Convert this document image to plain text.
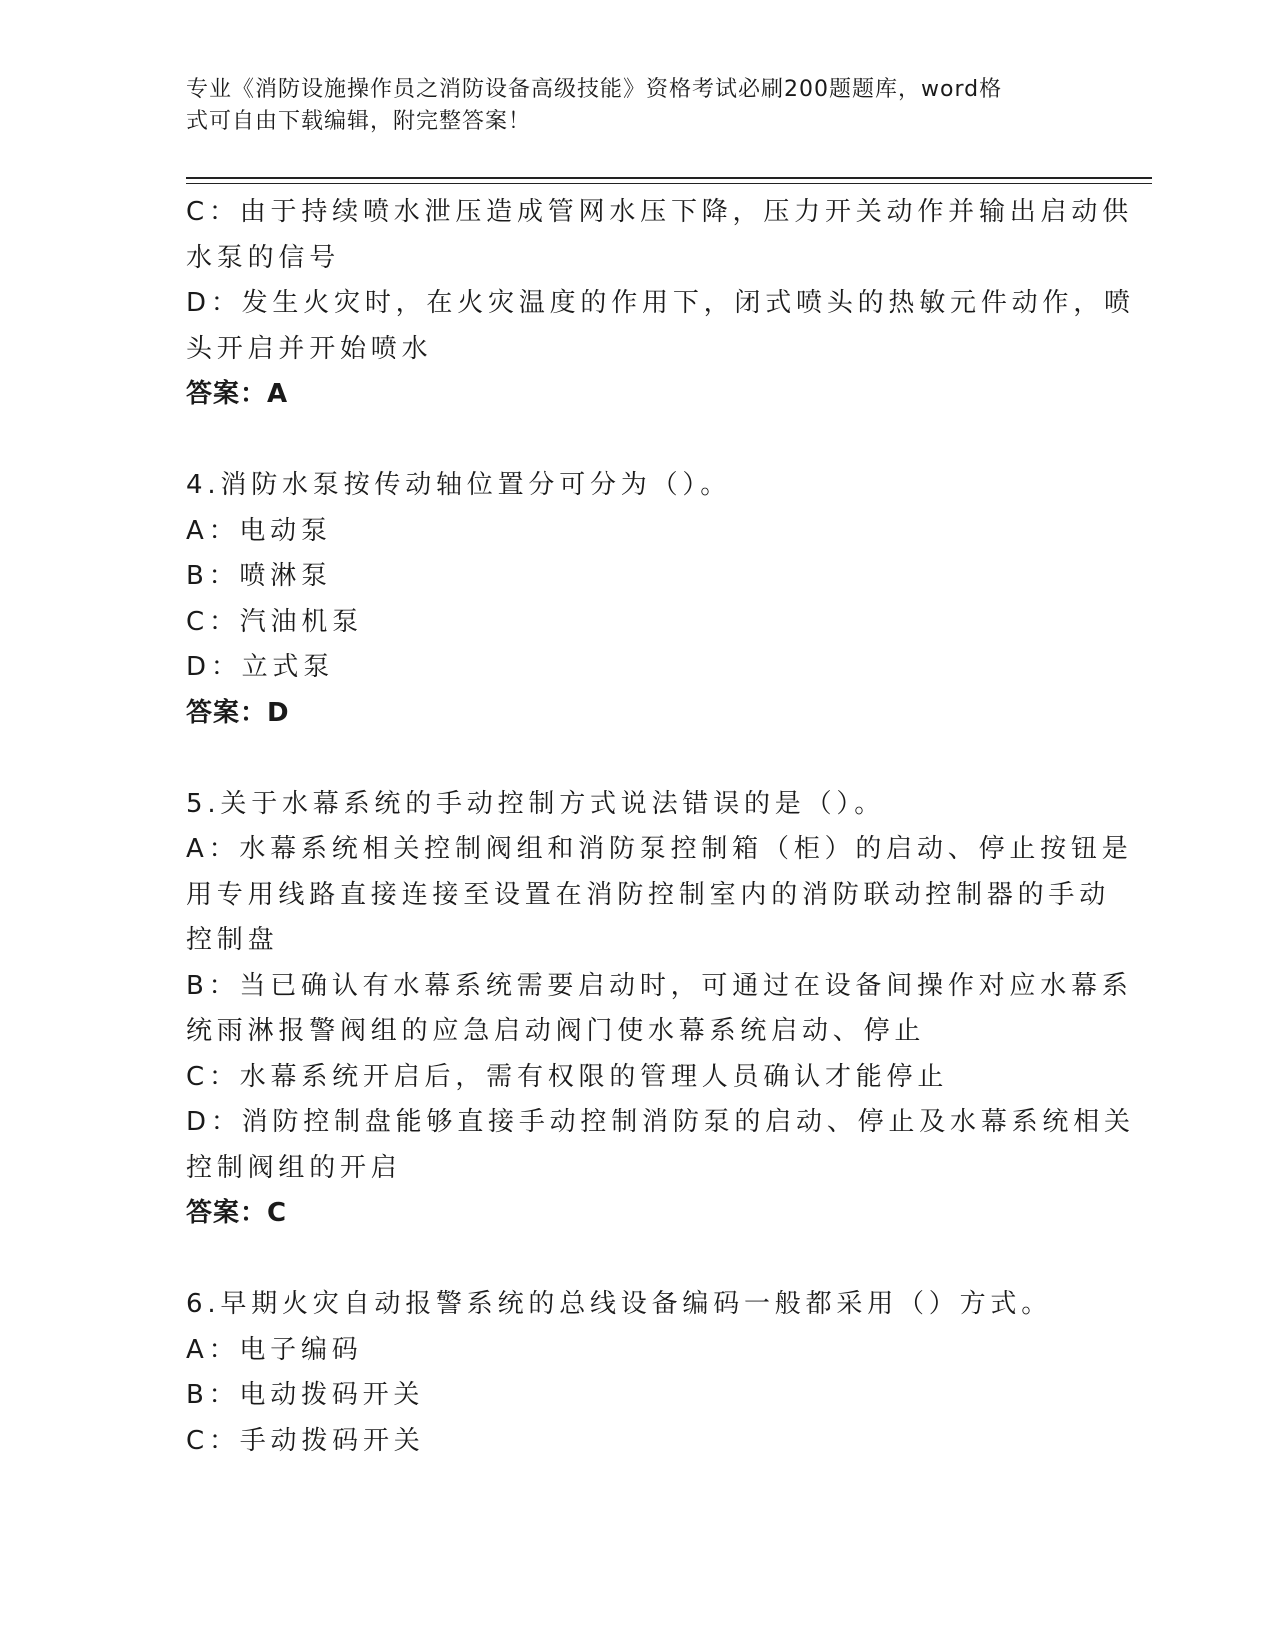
专业《消防设施操作员之消防设备高级技能》资格考试必刷200题题库，word格
式可自由下载编辑，附完整答案！
C：由于持续喷水泄压造成管网水压下降，压力开关动作并输出启动供
水泵的信号
D：发生火灾时，在火灾温度的作用下，闭式喷头的热敏元件动作，喷
头开启并开始喷水
答案：A
4.消防水泵按传动轴位置分可分为（）。
A：电动泵
B：喷淋泵
C：汽油机泵
D：立式泵
答案：D
5.关于水幕系统的手动控制方式说法错误的是（）。
A：水幕系统相关控制阀组和消防泵控制箱（柜）的启动、停止按钮是
用专用线路直接连接至设置在消防控制室内的消防联动控制器的手动
控制盘
B：当已确认有水幕系统需要启动时，可通过在设备间操作对应水幕系
统雨淋报警阀组的应急启动阀门使水幕系统启动、停止
C：水幕系统开启后，需有权限的管理人员确认才能停止
D：消防控制盘能够直接手动控制消防泵的启动、停止及水幕系统相关
控制阀组的开启
答案：C
6.早期火灾自动报警系统的总线设备编码一般都采用（）方式。
A：电子编码
B：电动拨码开关
C：手动拨码开关
